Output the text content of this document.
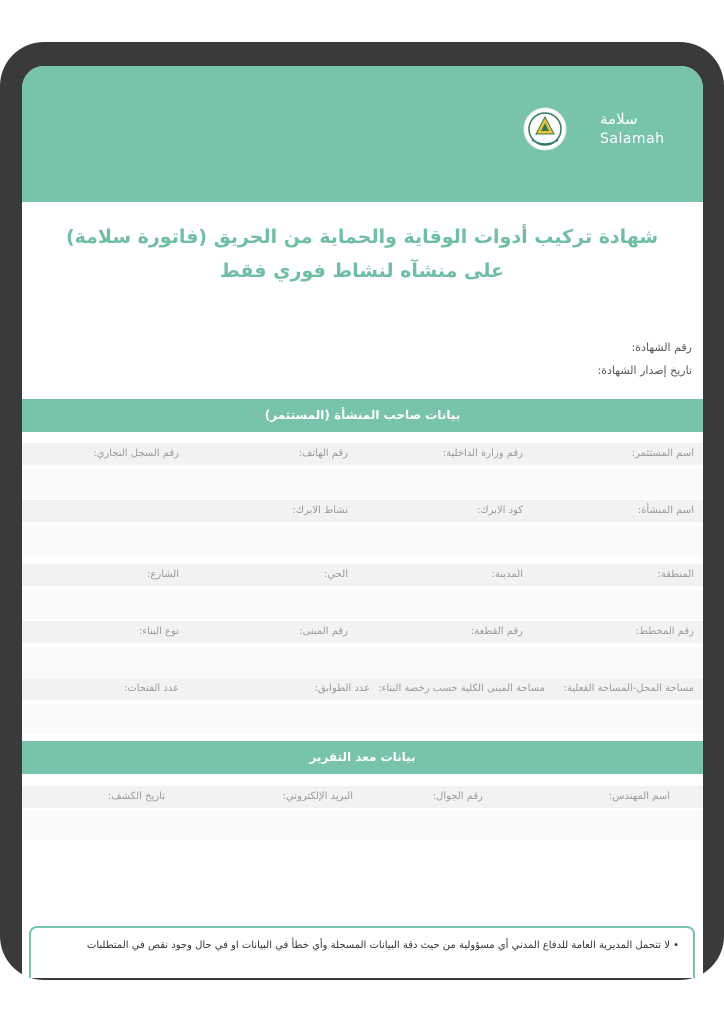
سلامة
Salamah
شهادة تركيب أدوات الوقاية والحماية من الحريق (فاتورة سلامة)
على منشآه لنشاط فوري فقط
رقم الشهادة:
تاريخ إصدار الشهادة:
بيانات صاحب المنشأة (المستثمر)
اسم المستثمر:
رقم وزارة الداخلية:
رقم الهاتف:
رقم السجل التجاري:
اسم المنشأة:
كود الابرك:
نشاط الابرك:
المنطقة:
المدينة:
الحي:
الشارع:
رقم المخطط:
رقم القطعة:
رقم المبنى:
نوع البناء:
مساحة المحل-المساحة الفعلية:
مساحة المبنى الكلية حسب رخصة البناء:
عدد الطوابق:
عدد الفتحات:
بيانات معد التقرير
اسم المهندس:
رقم الجوال:
البريد الإلكتروني:
تاريخ الكشف:
• لا تتحمل المديرية العامة للدفاع المدني أي مسؤولية من حيث دقة البيانات المسجلة وأي خطأ في البيانات او في حال وجود نقص في المتطلبات
